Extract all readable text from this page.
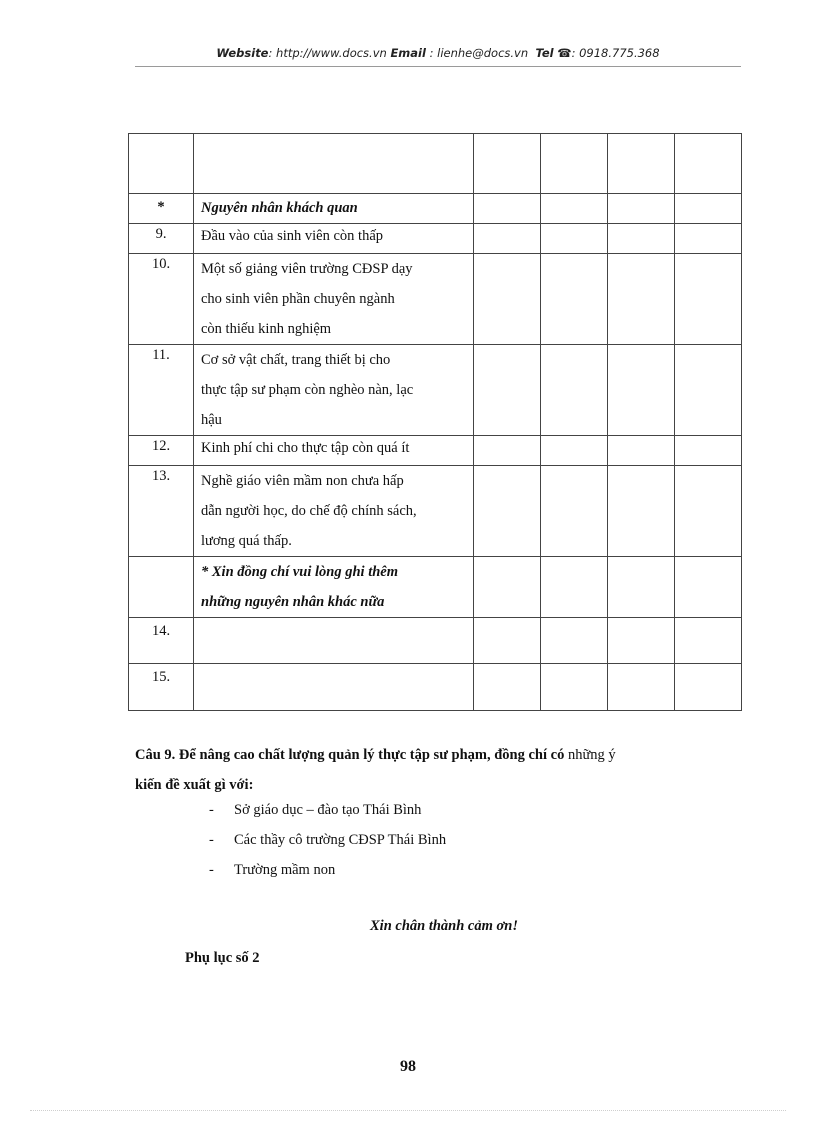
Website: http://www.docs.vn Email : lienhe@docs.vn Tel ☎: 0918.775.368

*	Nguyên nhân khách quan				

9.	Đầu vào của sinh viên còn thấp				

10.	Một số giảng viên trường CĐSP dạy
cho sinh viên phần chuyên ngành
còn thiếu kinh nghiệm				

11.	Cơ sở vật chất, trang thiết bị cho
thực tập sư phạm còn nghèo nàn, lạc
hậu				

12.	Kinh phí chi cho thực tập còn quá ít				

13.	Nghề giáo viên mầm non chưa hấp
dẫn người học, do chế độ chính sách,
lương quá thấp.				

	* Xin đồng chí vui lòng ghi thêm
những nguyên nhân khác nữa				

14.					
15.					
Câu 9. Để nâng cao chất lượng quản lý thực tập sư phạm, đồng chí có những ý
kiến đề xuất gì với:
- Sở giáo dục – đào tạo Thái Bình
- Các thầy cô trường CĐSP Thái Bình
- Trường mầm non
Xin chân thành cảm ơn!
Phụ lục số 2
98
